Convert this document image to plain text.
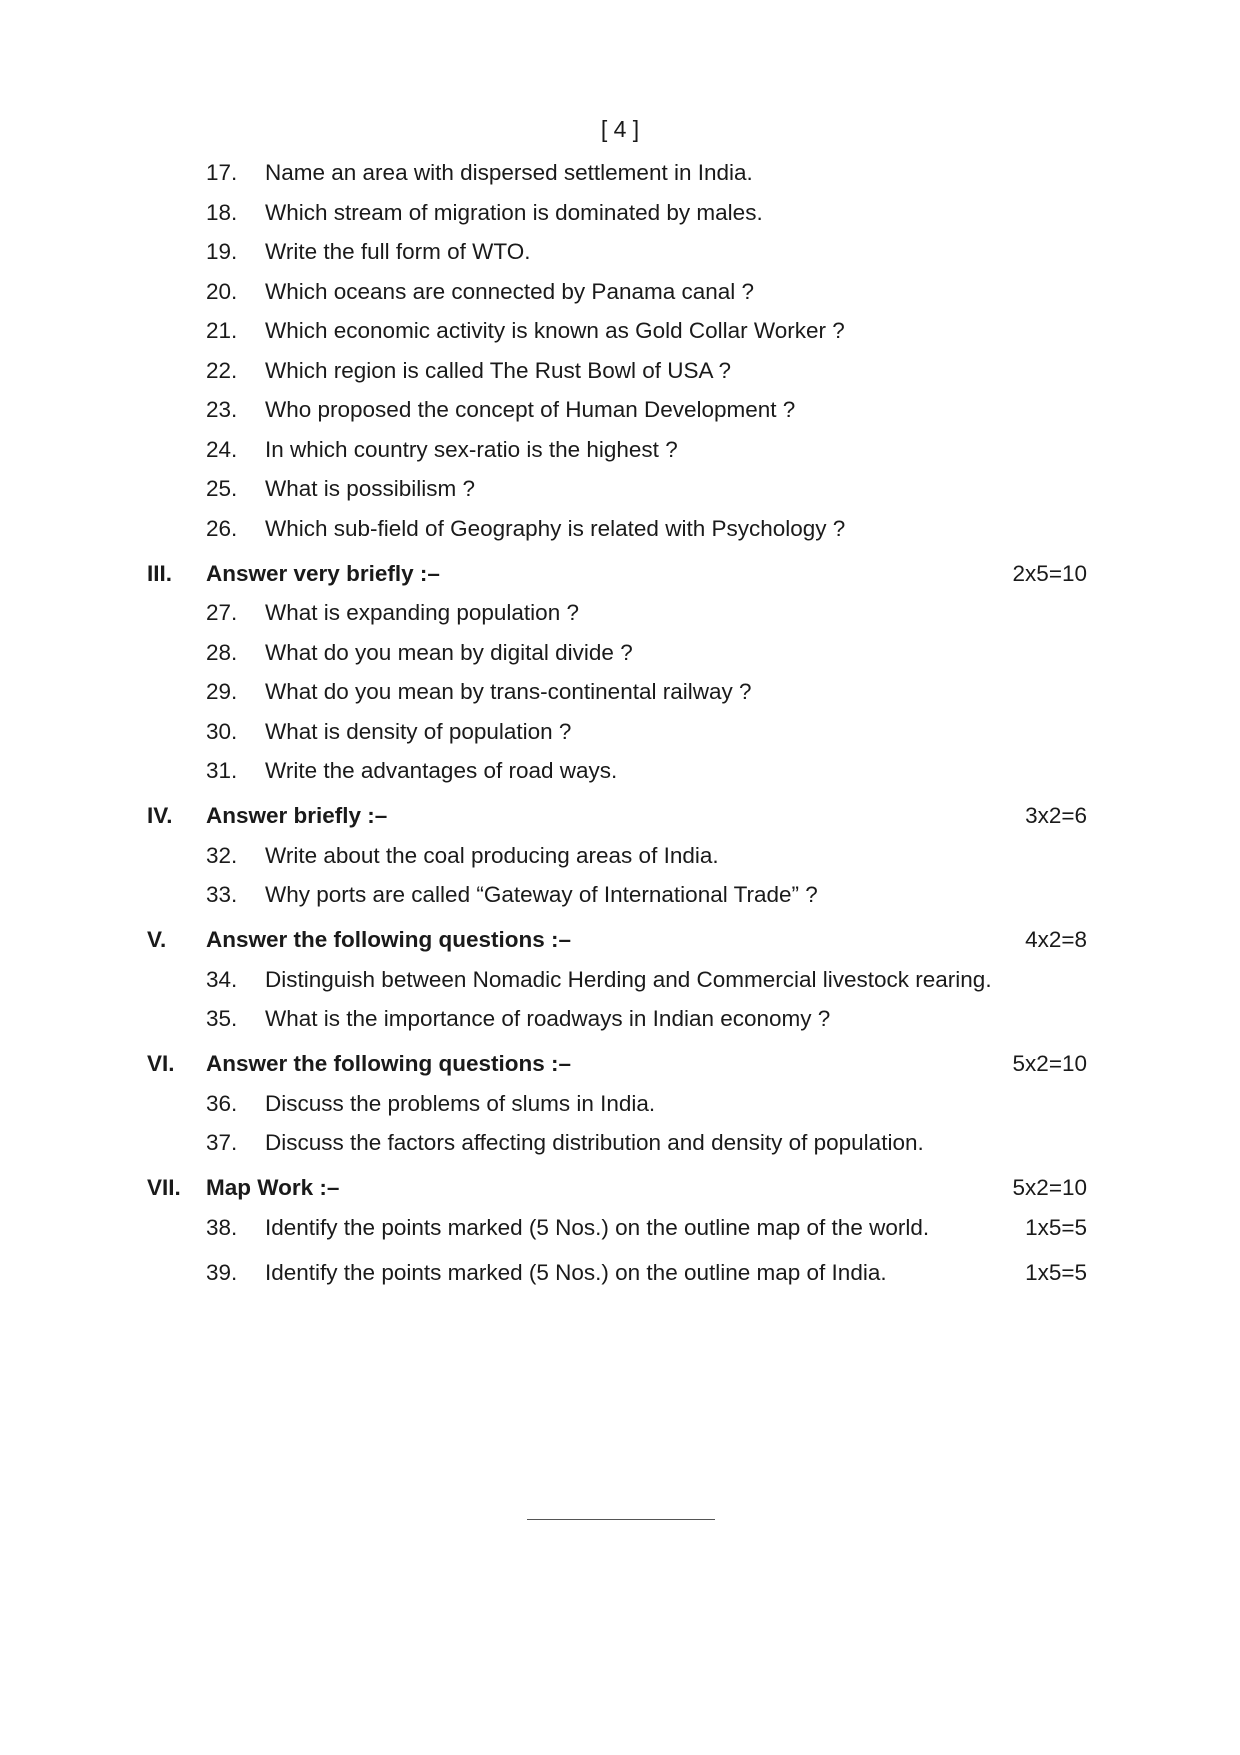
[ 4 ]
17. Name an area with dispersed settlement in India.
18. Which stream of migration is dominated by males.
19. Write the full form of WTO.
20. Which oceans are connected by Panama canal ?
21. Which economic activity is known as Gold Collar Worker ?
22. Which region is called The Rust Bowl of USA ?
23. Who proposed the concept of Human Development ?
24. In which country sex-ratio is the highest ?
25. What is possibilism ?
26. Which sub-field of Geography is related with Psychology ?
III. Answer very briefly :–	2x5=10
27. What is expanding population ?
28. What do you mean by digital divide ?
29. What do you mean by trans-continental railway ?
30. What is density of population ?
31. Write the advantages of road ways.
IV. Answer briefly :–	3x2=6
32. Write about the coal producing areas of India.
33. Why ports are called “Gateway of International Trade” ?
V. Answer the following questions :–	4x2=8
34. Distinguish between Nomadic Herding and Commercial livestock rearing.
35. What is the importance of roadways in Indian economy ?
VI. Answer the following questions :–	5x2=10
36. Discuss the problems of slums in India.
37. Discuss the factors affecting distribution and density of population.
VII. Map Work :–	5x2=10
38. Identify the points marked (5 Nos.) on the outline map of the world.	1x5=5
39. Identify the points marked (5 Nos.) on the outline map of India.	1x5=5
